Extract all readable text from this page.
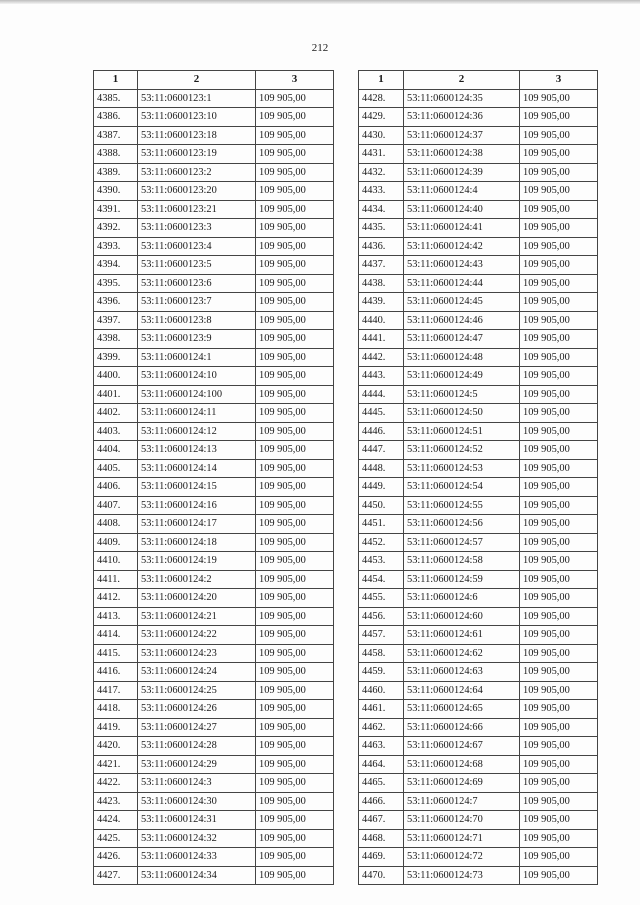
212
1	2	3
4385.	53:11:0600123:1	109 905,00
4386.	53:11:0600123:10	109 905,00
4387.	53:11:0600123:18	109 905,00
4388.	53:11:0600123:19	109 905,00
4389.	53:11:0600123:2	109 905,00
4390.	53:11:0600123:20	109 905,00
4391.	53:11:0600123:21	109 905,00
4392.	53:11:0600123:3	109 905,00
4393.	53:11:0600123:4	109 905,00
4394.	53:11:0600123:5	109 905,00
4395.	53:11:0600123:6	109 905,00
4396.	53:11:0600123:7	109 905,00
4397.	53:11:0600123:8	109 905,00
4398.	53:11:0600123:9	109 905,00
4399.	53:11:0600124:1	109 905,00
4400.	53:11:0600124:10	109 905,00
4401.	53:11:0600124:100	109 905,00
4402.	53:11:0600124:11	109 905,00
4403.	53:11:0600124:12	109 905,00
4404.	53:11:0600124:13	109 905,00
4405.	53:11:0600124:14	109 905,00
4406.	53:11:0600124:15	109 905,00
4407.	53:11:0600124:16	109 905,00
4408.	53:11:0600124:17	109 905,00
4409.	53:11:0600124:18	109 905,00
4410.	53:11:0600124:19	109 905,00
4411.	53:11:0600124:2	109 905,00
4412.	53:11:0600124:20	109 905,00
4413.	53:11:0600124:21	109 905,00
4414.	53:11:0600124:22	109 905,00
4415.	53:11:0600124:23	109 905,00
4416.	53:11:0600124:24	109 905,00
4417.	53:11:0600124:25	109 905,00
4418.	53:11:0600124:26	109 905,00
4419.	53:11:0600124:27	109 905,00
4420.	53:11:0600124:28	109 905,00
4421.	53:11:0600124:29	109 905,00
4422.	53:11:0600124:3	109 905,00
4423.	53:11:0600124:30	109 905,00
4424.	53:11:0600124:31	109 905,00
4425.	53:11:0600124:32	109 905,00
4426.	53:11:0600124:33	109 905,00
4427.	53:11:0600124:34	109 905,00
1	2	3
4428.	53:11:0600124:35	109 905,00
4429.	53:11:0600124:36	109 905,00
4430.	53:11:0600124:37	109 905,00
4431.	53:11:0600124:38	109 905,00
4432.	53:11:0600124:39	109 905,00
4433.	53:11:0600124:4	109 905,00
4434.	53:11:0600124:40	109 905,00
4435.	53:11:0600124:41	109 905,00
4436.	53:11:0600124:42	109 905,00
4437.	53:11:0600124:43	109 905,00
4438.	53:11:0600124:44	109 905,00
4439.	53:11:0600124:45	109 905,00
4440.	53:11:0600124:46	109 905,00
4441.	53:11:0600124:47	109 905,00
4442.	53:11:0600124:48	109 905,00
4443.	53:11:0600124:49	109 905,00
4444.	53:11:0600124:5	109 905,00
4445.	53:11:0600124:50	109 905,00
4446.	53:11:0600124:51	109 905,00
4447.	53:11:0600124:52	109 905,00
4448.	53:11:0600124:53	109 905,00
4449.	53:11:0600124:54	109 905,00
4450.	53:11:0600124:55	109 905,00
4451.	53:11:0600124:56	109 905,00
4452.	53:11:0600124:57	109 905,00
4453.	53:11:0600124:58	109 905,00
4454.	53:11:0600124:59	109 905,00
4455.	53:11:0600124:6	109 905,00
4456.	53:11:0600124:60	109 905,00
4457.	53:11:0600124:61	109 905,00
4458.	53:11:0600124:62	109 905,00
4459.	53:11:0600124:63	109 905,00
4460.	53:11:0600124:64	109 905,00
4461.	53:11:0600124:65	109 905,00
4462.	53:11:0600124:66	109 905,00
4463.	53:11:0600124:67	109 905,00
4464.	53:11:0600124:68	109 905,00
4465.	53:11:0600124:69	109 905,00
4466.	53:11:0600124:7	109 905,00
4467.	53:11:0600124:70	109 905,00
4468.	53:11:0600124:71	109 905,00
4469.	53:11:0600124:72	109 905,00
4470.	53:11:0600124:73	109 905,00
